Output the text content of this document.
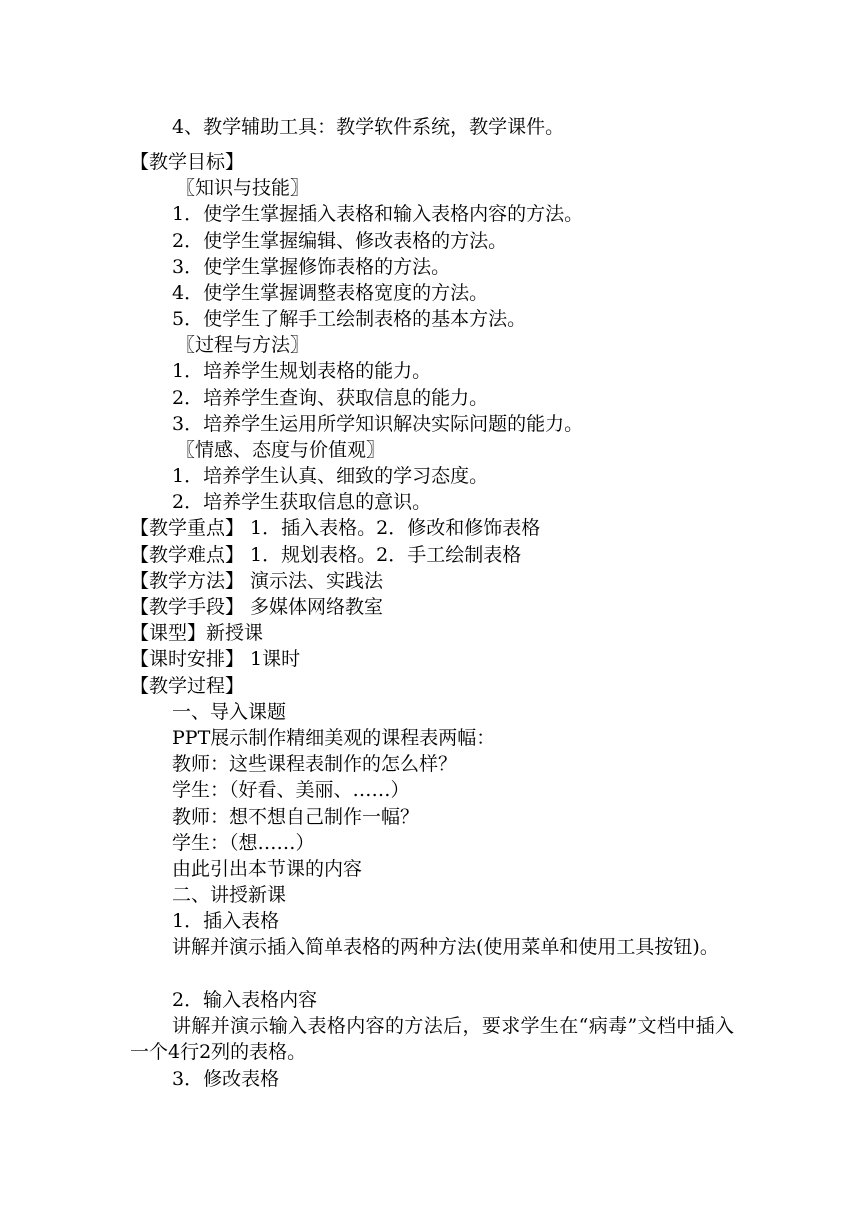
4、教学辅助工具：教学软件系统，教学课件。
【教学目标】
〖知识与技能〗
1．使学生掌握插入表格和输入表格内容的方法。
2．使学生掌握编辑、修改表格的方法。
3．使学生掌握修饰表格的方法。
4．使学生掌握调整表格宽度的方法。
5．使学生了解手工绘制表格的基本方法。
〖过程与方法〗
1．培养学生规划表格的能力。
2．培养学生查询、获取信息的能力。
3．培养学生运用所学知识解决实际问题的能力。
〖情感、态度与价值观〗
1．培养学生认真、细致的学习态度。
2．培养学生获取信息的意识。
【教学重点】 1．插入表格。2．修改和修饰表格
【教学难点】 1．规划表格。2．手工绘制表格
【教学方法】 演示法、实践法
【教学手段】 多媒体网络教室
【课型】新授课
【课时安排】 1课时
【教学过程】
一、导入课题
PPT展示制作精细美观的课程表两幅：
教师：这些课程表制作的怎么样？
学生：（好看、美丽、……）
教师：想不想自己制作一幅？
学生：（想……）
由此引出本节课的内容
二、讲授新课
1．插入表格
讲解并演示插入简单表格的两种方法(使用菜单和使用工具按钮)。
2．输入表格内容
讲解并演示输入表格内容的方法后，要求学生在“病毒”文档中插入一个4行2列的表格。
3．修改表格
